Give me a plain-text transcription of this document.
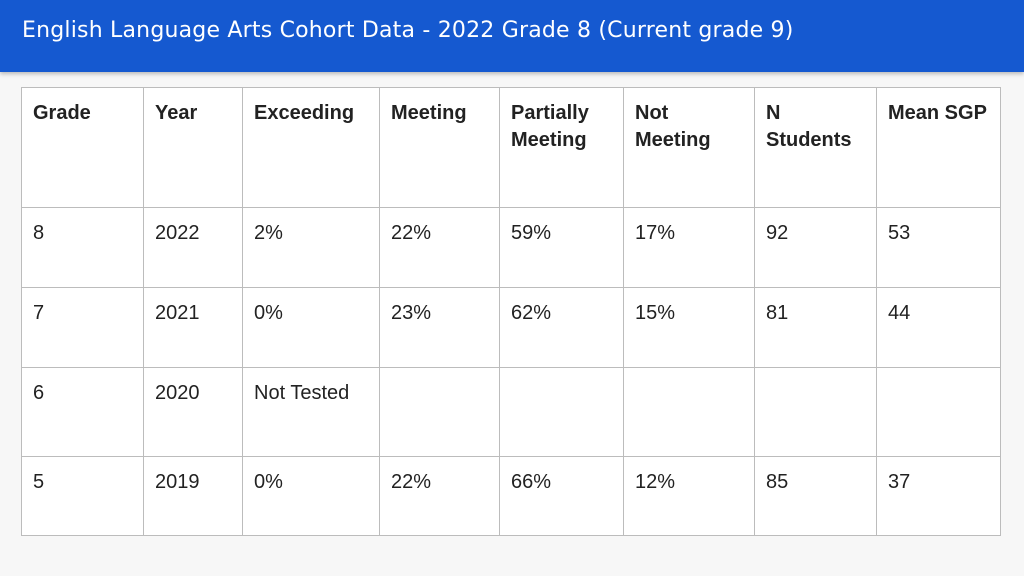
English Language Arts Cohort Data - 2022 Grade 8 (Current grade 9)
Grade	Year	Exceeding	Meeting	Partially Meeting	Not Meeting	N Students	Mean SGP
8	2022	2%	22%	59%	17%	92	53
7	2021	0%	23%	62%	15%	81	44
6	2020	Not Tested					
5	2019	0%	22%	66%	12%	85	37
